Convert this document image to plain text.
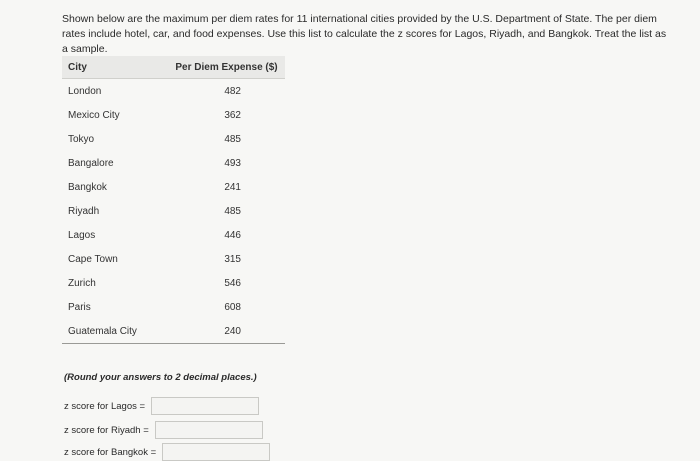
Shown below are the maximum per diem rates for 11 international cities provided by the U.S. Department of State. The per diem rates include hotel, car, and food expenses. Use this list to calculate the z scores for Lagos, Riyadh, and Bangkok. Treat the list as a sample.
City	Per Diem Expense ($)
London	482
Mexico City	362
Tokyo	485
Bangalore	493
Bangkok	241
Riyadh	485
Lagos	446
Cape Town	315
Zurich	546
Paris	608
Guatemala City	240
(Round your answers to 2 decimal places.)
z score for Lagos =
z score for Riyadh =
z score for Bangkok =
